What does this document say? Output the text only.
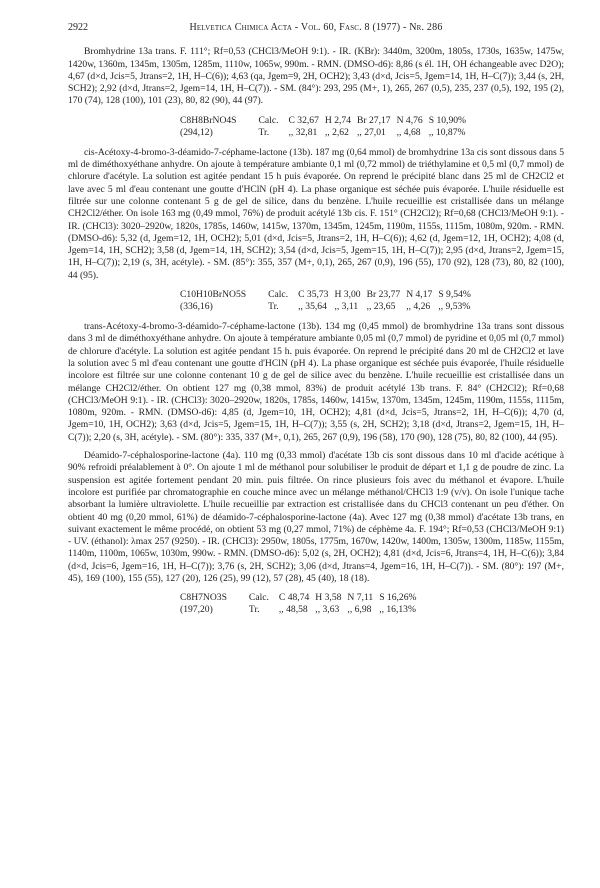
2922	Helvetica Chimica Acta - Vol. 60, Fasc. 8 (1977) - Nr. 286

Bromhydrine 13a trans. F. 111°; Rf=0,53 (CHCl3/MeOH 9:1). - IR. (KBr): 3440m, 3200m, 1805s, 1730s, 1635w, 1475w, 1420w, 1360m, 1345m, 1305m, 1285m, 1110w, 1065w, 990m. - RMN. (DMSO-d6): 8,86 (s él. 1H, OH échangeable avec D2O); 4,67 (d×d, Jcis=5, Jtrans=2, 1H, H–C(6)); 4,63 (qa, Jgem=9, 2H, OCH2); 3,43 (d×d, Jcis=5, Jgem=14, 1H, H–C(7)); 3,44 (s, 2H, SCH2); 2,92 (d×d, Jtrans=2, Jgem=14, 1H, H–C(7)). - SM. (84°): 293, 295 (M+, 1), 265, 267 (0,5), 235, 237 (0,5), 192, 195 (2), 170 (74), 128 (100), 101 (23), 80, 82 (90), 44 (97).

C8H8BrNO4S	Calc.	C 32,67	H 2,74	Br 27,17	N 4,76	S 10,90%
(294,12)	Tr.	,, 32,81	,, 2,62	,, 27,01	,, 4,68	,, 10,87%

cis-Acétoxy-4-bromo-3-déamido-7-céphame-lactone (13b). 187 mg (0,64 mmol) de bromhydrine 13a cis sont dissous dans 5 ml de diméthoxyéthane anhydre. On ajoute à température ambiante 0,1 ml (0,72 mmol) de triéthylamine et 0,5 ml (0,7 mmol) de chlorure d'acétyle. La solution est agitée pendant 15 h puis évaporée. On reprend le précipité blanc dans 25 ml de CH2Cl2 et lave avec 5 ml d'eau contenant une goutte d'HClN (pH 4). La phase organique est séchée puis évaporée. L'huile résiduelle est filtrée sur une colonne contenant 5 g de gel de silice, dans du benzène. L'huile recueillie est cristallisée dans un mélange CH2Cl2/éther. On isole 163 mg (0,49 mmol, 76%) de produit acétylé 13b cis. F. 151° (CH2Cl2); Rf=0,68 (CHCl3/MeOH 9:1). - IR. (CHCl3): 3020–2920w, 1820s, 1785s, 1460w, 1415w, 1370m, 1345m, 1245m, 1190m, 1155s, 1115m, 1080m, 920m. - RMN. (DMSO-d6): 5,32 (d, Jgem=12, 1H, OCH2); 5,01 (d×d, Jcis=5, Jtrans=2, 1H, H–C(6)); 4,62 (d, Jgem=12, 1H, OCH2); 4,08 (d, Jgem=14, 1H, SCH2); 3,58 (d, Jgem=14, 1H, SCH2); 3,54 (d×d, Jcis=5, Jgem=15, 1H, H–C(7)); 2,95 (d×d, Jtrans=2, Jgem=15, 1H, H–C(7)); 2,19 (s, 3H, acétyle). - SM. (85°): 355, 357 (M+, 0,1), 265, 267 (0,9), 196 (55), 170 (92), 128 (73), 80, 82 (100), 44 (95).

C10H10BrNO5S	Calc.	C 35,73	H 3,00	Br 23,77	N 4,17	S 9,54%
(336,16)	Tr.	,, 35,64	,, 3,11	,, 23,65	,, 4,26	,, 9,53%

trans-Acétoxy-4-bromo-3-déamido-7-céphame-lactone (13b). 134 mg (0,45 mmol) de bromhydrine 13a trans sont dissous dans 3 ml de diméthoxyéthane anhydre. On ajoute à température ambiante 0,05 ml (0,7 mmol) de pyridine et 0,05 ml (0,7 mmol) de chlorure d'acétyle. La solution est agitée pendant 15 h. puis évaporée. On reprend le précipité dans 20 ml de CH2Cl2 et lave la solution avec 5 ml d'eau contenant une goutte d'HClN (pH 4). La phase organique est séchée puis évaporée, l'huile résiduelle incolore est filtrée sur une colonne contenant 10 g de gel de silice avec du benzène. L'huile recueillie est cristallisée dans un mélange CH2Cl2/éther. On obtient 127 mg (0,38 mmol, 83%) de produit acétylé 13b trans. F. 84° (CH2Cl2); Rf=0,68 (CHCl3/MeOH 9:1). - IR. (CHCl3): 3020–2920w, 1820s, 1785s, 1460w, 1415w, 1370m, 1345m, 1245m, 1190m, 1155s, 1115m, 1080m, 920m. - RMN. (DMSO-d6): 4,85 (d, Jgem=10, 1H, OCH2); 4,81 (d×d, Jcis=5, Jtrans=2, 1H, H–C(6)); 4,70 (d, Jgem=10, 1H, OCH2); 3,63 (d×d, Jcis=5, Jgem=15, 1H, H–C(7)); 3,55 (s, 2H, SCH2); 3,18 (d×d, Jtrans=2, Jgem=15, 1H, H–C(7)); 2,20 (s, 3H, acétyle). - SM. (80°): 335, 337 (M+, 0,1), 265, 267 (0,9), 196 (58), 170 (90), 128 (75), 80, 82 (100), 44 (95).

Déamido-7-céphalosporine-lactone (4a). 110 mg (0,33 mmol) d'acétate 13b cis sont dissous dans 10 ml d'acide acétique à 90% refroidi préalablement à 0°. On ajoute 1 ml de méthanol pour solubiliser le produit de départ et 1,1 g de poudre de zinc. La suspension est agitée fortement pendant 20 min. puis filtrée. On rince plusieurs fois avec du méthanol et évapore. L'huile incolore est purifiée par chromatographie en couche mince avec un mélange méthanol/CHCl3 1:9 (v/v). On isole l'unique tache absorbant la lumière ultraviolette. L'huile recueillie par extraction est cristallisée dans du CHCl3 contenant un peu d'éther. On obtient 40 mg (0,20 mmol, 61%) de déamido-7-céphalosporine-lactone (4a). Avec 127 mg (0,38 mmol) d'acétate 13b trans, en suivant exactement le même procédé, on obtient 53 mg (0,27 mmol, 71%) de céphème 4a. F. 194°; Rf=0,53 (CHCl3/MeOH 9:1) - UV. (éthanol): λmax 257 (9250). - IR. (CHCl3): 2950w, 1805s, 1775m, 1670w, 1420w, 1400m, 1305w, 1300m, 1185w, 1155m, 1140m, 1100m, 1065w, 1030m, 990w. - RMN. (DMSO-d6): 5,02 (s, 2H, OCH2); 4,81 (d×d, Jcis=6, Jtrans=4, 1H, H–C(6)); 3,84 (d×d, Jcis=6, Jgem=16, 1H, H–C(7)); 3,76 (s, 2H, SCH2); 3,06 (d×d, Jtrans=4, Jgem=16, 1H, H–C(7)). - SM. (80°): 197 (M+, 45), 169 (100), 155 (55), 127 (20), 126 (25), 99 (12), 57 (28), 45 (40), 18 (18).

C8H7NO3S	Calc.	C 48,74	H 3,58	N 7,11	S 16,26%
(197,20)	Tr.	,, 48,58	,, 3,63	,, 6,98	,, 16,13%
